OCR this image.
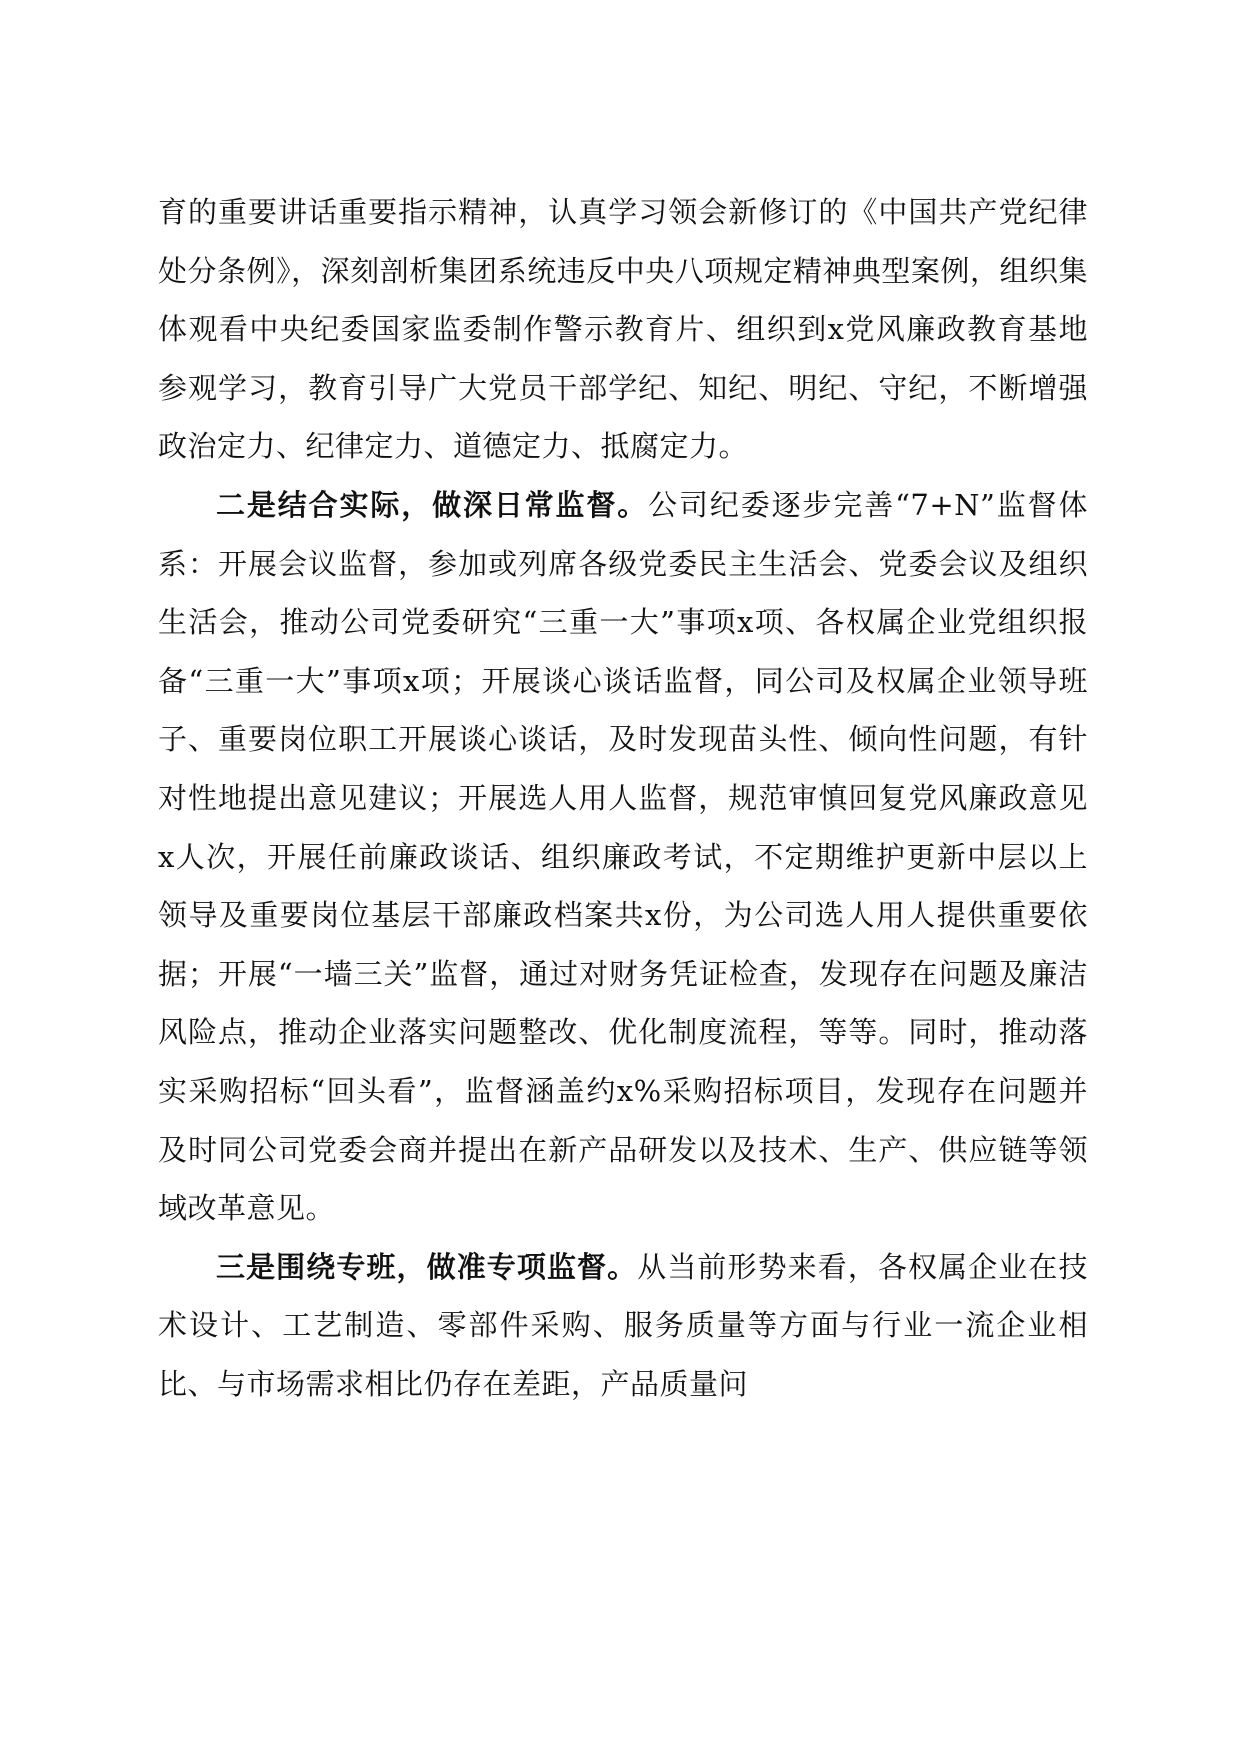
育的重要讲话重要指示精神，认真学习领会新修订的《中国共产党纪律处分条例》，深刻剖析集团系统违反中央八项规定精神典型案例，组织集体观看中央纪委国家监委制作警示教育片、组织到x党风廉政教育基地参观学习，教育引导广大党员干部学纪、知纪、明纪、守纪，不断增强政治定力、纪律定力、道德定力、抵腐定力。

二是结合实际，做深日常监督。公司纪委逐步完善“7+N”监督体系：开展会议监督，参加或列席各级党委民主生活会、党委会议及组织生活会，推动公司党委研究“三重一大”事项x项、各权属企业党组织报备“三重一大”事项x项；开展谈心谈话监督，同公司及权属企业领导班子、重要岗位职工开展谈心谈话，及时发现苗头性、倾向性问题，有针对性地提出意见建议；开展选人用人监督，规范审慎回复党风廉政意见x人次，开展任前廉政谈话、组织廉政考试，不定期维护更新中层以上领导及重要岗位基层干部廉政档案共x份，为公司选人用人提供重要依据；开展“一墙三关”监督，通过对财务凭证检查，发现存在问题及廉洁风险点，推动企业落实问题整改、优化制度流程，等等。同时，推动落实采购招标“回头看”，监督涵盖约x%采购招标项目，发现存在问题并及时同公司党委会商并提出在新产品研发以及技术、生产、供应链等领域改革意见。

三是围绕专班，做准专项监督。从当前形势来看，各权属企业在技术设计、工艺制造、零部件采购、服务质量等方面与行业一流企业相比、与市场需求相比仍存在差距，产品质量问
